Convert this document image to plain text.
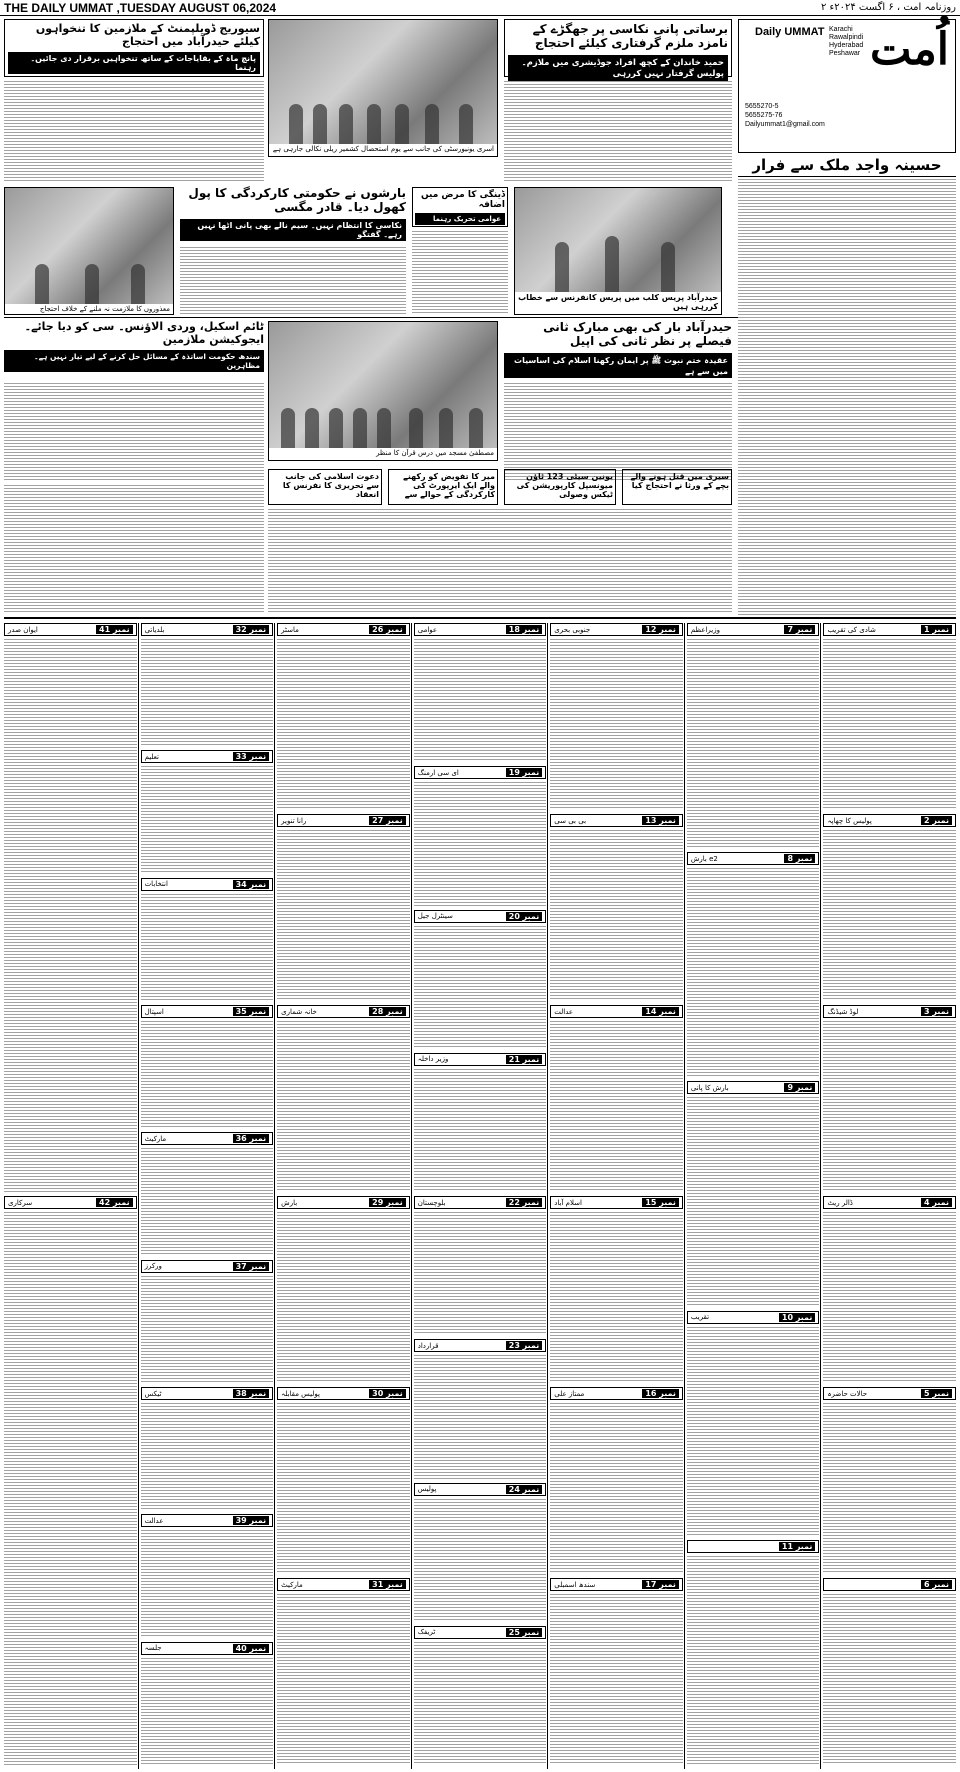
THE DAILY UMMAT ,TUESDAY AUGUST 06,2024	روزنامہ امت ، ۶ اگست ۲۰۲۴ء ۲
اُمت
Daily UMMAT Karachi
Rawalpindi
Hyderabad
Peshawar
5655270-5
5655275-76
Dailyummat1@gmail.com
حسینہ واجد ملک سے فرار
برساتی پانی نکاسی پر جھگڑے کے نامزد ملزم گرفتاری کیلئے احتجاج
حمید خاندان کے کچھ افراد جوڈیشری میں ملازم۔ پولیس گرفتار نہیں کررہی
اسری یونیورسٹی کی جانب سے یوم استحصال کشمیر ریلی نکالی جارہی ہے
سیوریج ڈویلپمنٹ کے ملازمین کا تنخواہوں کیلئے حیدرآباد میں احتجاج
پانچ ماہ کے بقایاجات کے ساتھ تنخواہیں برقرار دی جائیں۔ رہنما
معذوروں کا ملازمت نہ ملنے کے خلاف احتجاج
بارشوں نے حکومتی کارکردگی کا پول کھول دیا۔ قادر مگسی
نکاسی کا انتظام نہیں۔ سیم نالے بھی پانی اٹھا نہیں رہے۔ گفتگو
ڈینگی کا مرض میں اضافہ
عوامی تحریک رہنما
حیدرآباد پریس کلب میں پریس کانفرنس سے خطاب کررہی ہیں
حیدرآباد بار کی بھی مبارک ثانی فیصلے پر نظر ثانی کی اپیل
عقیدہ ختم نبوت ﷺ پر ایمان رکھنا اسلام کی اساسیات میں سے ہے
مصطفیٰ مسجد میں درس قرآن کا منظر
ٹائم اسکیل، وردی الاؤنس۔ سی کو دیا جائے۔ ایجوکیشن ملازمین
سندھ حکومت اساتذہ کے مسائل حل کرنے کے لیے تیار نہیں ہے۔ مظاہرین
سیری میں قتل ہونے والے بچے کے ورثا نے احتجاج کیا
یونین سیٹی 123 ٹاؤن میونسپل کارپوریشن کی ٹیکس وصولی
میر کا تفویض کو رکھنے والے ایک ایرپورٹ کی کارکردگی کے حوالے سے
دعوت اسلامی کی جانب سے تحریری کا نفرنس کا انعقاد
نمبر 1
شادی کی تقریب
نمبر 2
پولیس کا چھاپہ
نمبر 3
لوڈ شیڈنگ
نمبر 4
ڈالر ریٹ
نمبر 5
حالات حاضرہ
نمبر 6
نمبر 7
وزیراعظم
نمبر 8
e2 بارش
نمبر 9
بارش کا پانی
نمبر 10
تقریب
نمبر 11
نمبر 12
جنوبی بحری
نمبر 13
بی بی سی
نمبر 14
عدالت
نمبر 15
اسلام آباد
نمبر 16
ممتاز علی
نمبر 17
سندھ اسمبلی
نمبر 18
عوامی
نمبر 19
ای سی ارمنگ
نمبر 20
سینٹرل جیل
نمبر 21
وزیر داخلہ
نمبر 22
بلوچستان
نمبر 23
قرارداد
نمبر 24
پولیس
نمبر 25
ٹریفک
نمبر 26
ماسٹر
نمبر 27
رانا تنویر
نمبر 28
خانہ شماری
نمبر 29
بارش
نمبر 30
پولیس مقابلہ
نمبر 31
مارکیٹ
نمبر 32
بلدیاتی
نمبر 33
تعلیم
نمبر 34
انتخابات
نمبر 35
اسپتال
نمبر 36
مارکیٹ
نمبر 37
ورکرز
نمبر 38
ٹیکس
نمبر 39
عدالت
نمبر 40
جلسہ
نمبر 41
ایوان صدر
نمبر 42
سرکاری
